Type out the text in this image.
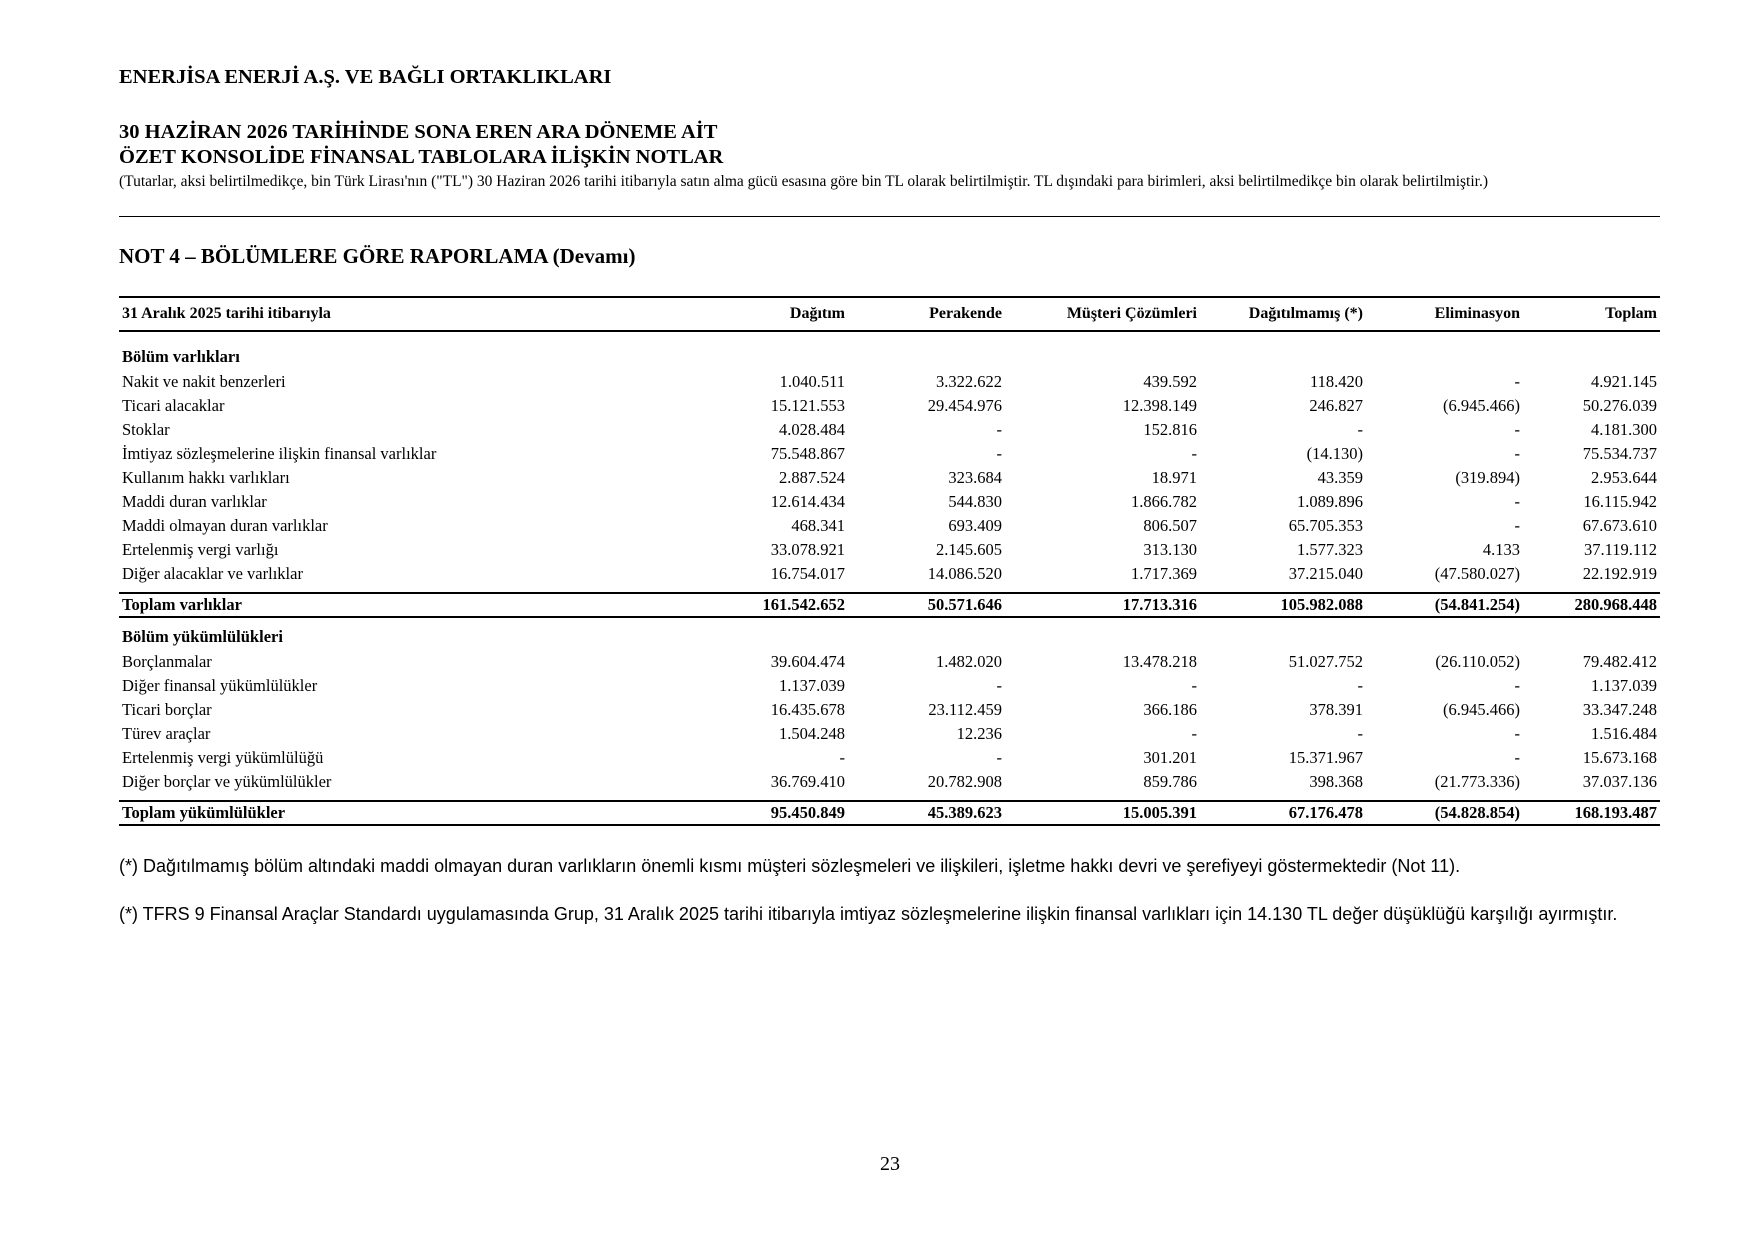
ENERJİSA ENERJİ A.Ş. VE BAĞLI ORTAKLIKLARI
30 HAZİRAN 2026 TARİHİNDE SONA EREN ARA DÖNEME AİT
ÖZET KONSOLİDE FİNANSAL TABLOLARA İLİŞKİN NOTLAR
(Tutarlar, aksi belirtilmedikçe, bin Türk Lirası'nın ("TL") 30 Haziran 2026 tarihi itibarıyla satın alma gücü esasına göre bin TL olarak belirtilmiştir. TL dışındaki para birimleri, aksi belirtilmedikçe bin olarak belirtilmiştir.)
NOT 4 – BÖLÜMLERE GÖRE RAPORLAMA (Devamı)
31 Aralık 2025 tarihi itibarıyla	Dağıtım	Perakende	Müşteri Çözümleri	Dağıtılmamış (*)	Eliminasyon	Toplam

Bölüm varlıkları						
Nakit ve nakit benzerleri	1.040.511	3.322.622	439.592	118.420	-	4.921.145
Ticari alacaklar	15.121.553	29.454.976	12.398.149	246.827	(6.945.466)	50.276.039
Stoklar	4.028.484	-	152.816	-	-	4.181.300
İmtiyaz sözleşmelerine ilişkin finansal varlıklar	75.548.867	-	-	(14.130)	-	75.534.737
Kullanım hakkı varlıkları	2.887.524	323.684	18.971	43.359	(319.894)	2.953.644
Maddi duran varlıklar	12.614.434	544.830	1.866.782	1.089.896	-	16.115.942
Maddi olmayan duran varlıklar	468.341	693.409	806.507	65.705.353	-	67.673.610
Ertelenmiş vergi varlığı	33.078.921	2.145.605	313.130	1.577.323	4.133	37.119.112
Diğer alacaklar ve varlıklar	16.754.017	14.086.520	1.717.369	37.215.040	(47.580.027)	22.192.919

Toplam varlıklar	161.542.652	50.571.646	17.713.316	105.982.088	(54.841.254)	280.968.448
Bölüm yükümlülükleri						
Borçlanmalar	39.604.474	1.482.020	13.478.218	51.027.752	(26.110.052)	79.482.412
Diğer finansal yükümlülükler	1.137.039	-	-	-	-	1.137.039
Ticari borçlar	16.435.678	23.112.459	366.186	378.391	(6.945.466)	33.347.248
Türev araçlar	1.504.248	12.236	-	-	-	1.516.484
Ertelenmiş vergi yükümlülüğü	-	-	301.201	15.371.967	-	15.673.168
Diğer borçlar ve yükümlülükler	36.769.410	20.782.908	859.786	398.368	(21.773.336)	37.037.136

Toplam yükümlülükler	95.450.849	45.389.623	15.005.391	67.176.478	(54.828.854)	168.193.487
(*) Dağıtılmamış bölüm altındaki maddi olmayan duran varlıkların önemli kısmı müşteri sözleşmeleri ve ilişkileri, işletme hakkı devri ve şerefiyeyi göstermektedir (Not 11).
(*) TFRS 9 Finansal Araçlar Standardı uygulamasında Grup, 31 Aralık 2025 tarihi itibarıyla imtiyaz sözleşmelerine ilişkin finansal varlıkları için 14.130 TL değer düşüklüğü karşılığı ayırmıştır.
23
